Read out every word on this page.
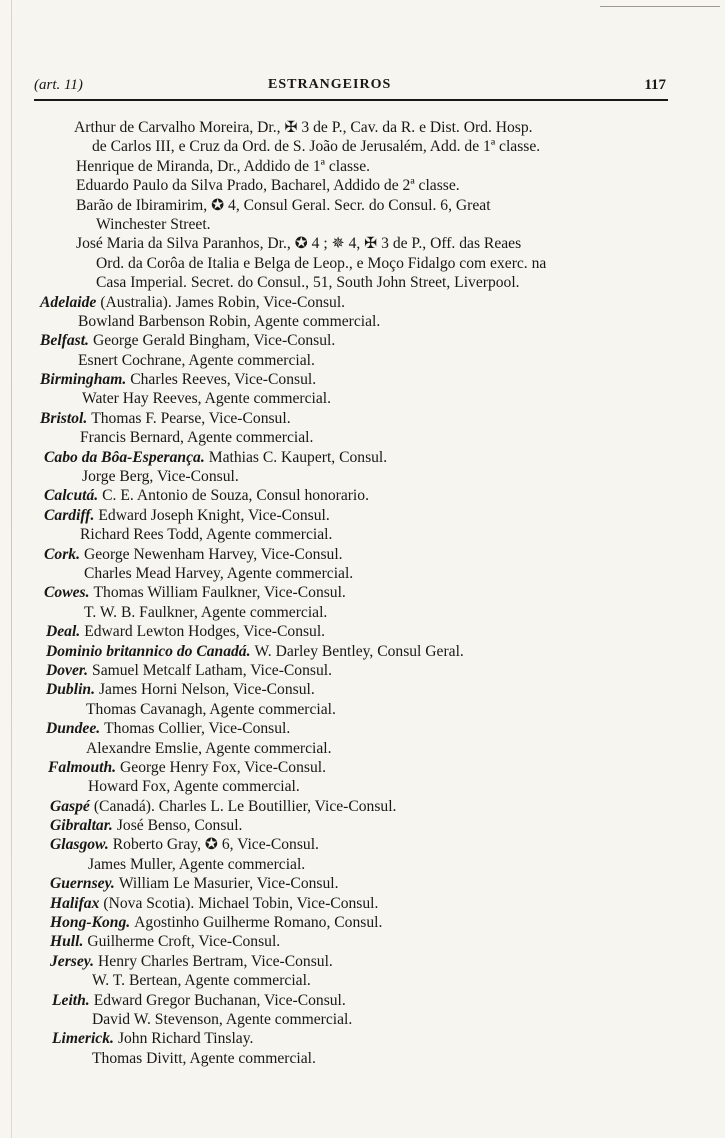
(art. 11)	ESTRANGEIROS	117
Arthur de Carvalho Moreira, Dr., ✠ 3 de P., Cav. da R. e Dist. Ord. Hosp.
de Carlos III, e Cruz da Ord. de S. João de Jerusalém, Add. de 1ª classe.
Henrique de Miranda, Dr., Addido de 1ª classe.
Eduardo Paulo da Silva Prado, Bacharel, Addido de 2ª classe.
Barão de Ibiramirim, ✪ 4, Consul Geral. Secr. do Consul. 6, Great
Winchester Street.
José Maria da Silva Paranhos, Dr., ✪ 4 ; ✵ 4, ✠ 3 de P., Off. das Reaes
Ord. da Corôa de Italia e Belga de Leop., e Moço Fidalgo com exerc. na
Casa Imperial. Secret. do Consul., 51, South John Street, Liverpool.
Adelaide (Australia). James Robin, Vice-Consul.
Bowland Barbenson Robin, Agente commercial.
Belfast. George Gerald Bingham, Vice-Consul.
Esnert Cochrane, Agente commercial.
Birmingham. Charles Reeves, Vice-Consul.
Water Hay Reeves, Agente commercial.
Bristol. Thomas F. Pearse, Vice-Consul.
Francis Bernard, Agente commercial.
Cabo da Bôa-Esperança. Mathias C. Kaupert, Consul.
Jorge Berg, Vice-Consul.
Calcutá. C. E. Antonio de Souza, Consul honorario.
Cardiff. Edward Joseph Knight, Vice-Consul.
Richard Rees Todd, Agente commercial.
Cork. George Newenham Harvey, Vice-Consul.
Charles Mead Harvey, Agente commercial.
Cowes. Thomas William Faulkner, Vice-Consul.
T. W. B. Faulkner, Agente commercial.
Deal. Edward Lewton Hodges, Vice-Consul.
Dominio britannico do Canadá. W. Darley Bentley, Consul Geral.
Dover. Samuel Metcalf Latham, Vice-Consul.
Dublin. James Horni Nelson, Vice-Consul.
Thomas Cavanagh, Agente commercial.
Dundee. Thomas Collier, Vice-Consul.
Alexandre Emslie, Agente commercial.
Falmouth. George Henry Fox, Vice-Consul.
Howard Fox, Agente commercial.
Gaspé (Canadá). Charles L. Le Boutillier, Vice-Consul.
Gibraltar. José Benso, Consul.
Glasgow. Roberto Gray, ✪ 6, Vice-Consul.
James Muller, Agente commercial.
Guernsey. William Le Masurier, Vice-Consul.
Halifax (Nova Scotia). Michael Tobin, Vice-Consul.
Hong-Kong. Agostinho Guilherme Romano, Consul.
Hull. Guilherme Croft, Vice-Consul.
Jersey. Henry Charles Bertram, Vice-Consul.
W. T. Bertean, Agente commercial.
Leith. Edward Gregor Buchanan, Vice-Consul.
David W. Stevenson, Agente commercial.
Limerick. John Richard Tinslay.
Thomas Divitt, Agente commercial.
